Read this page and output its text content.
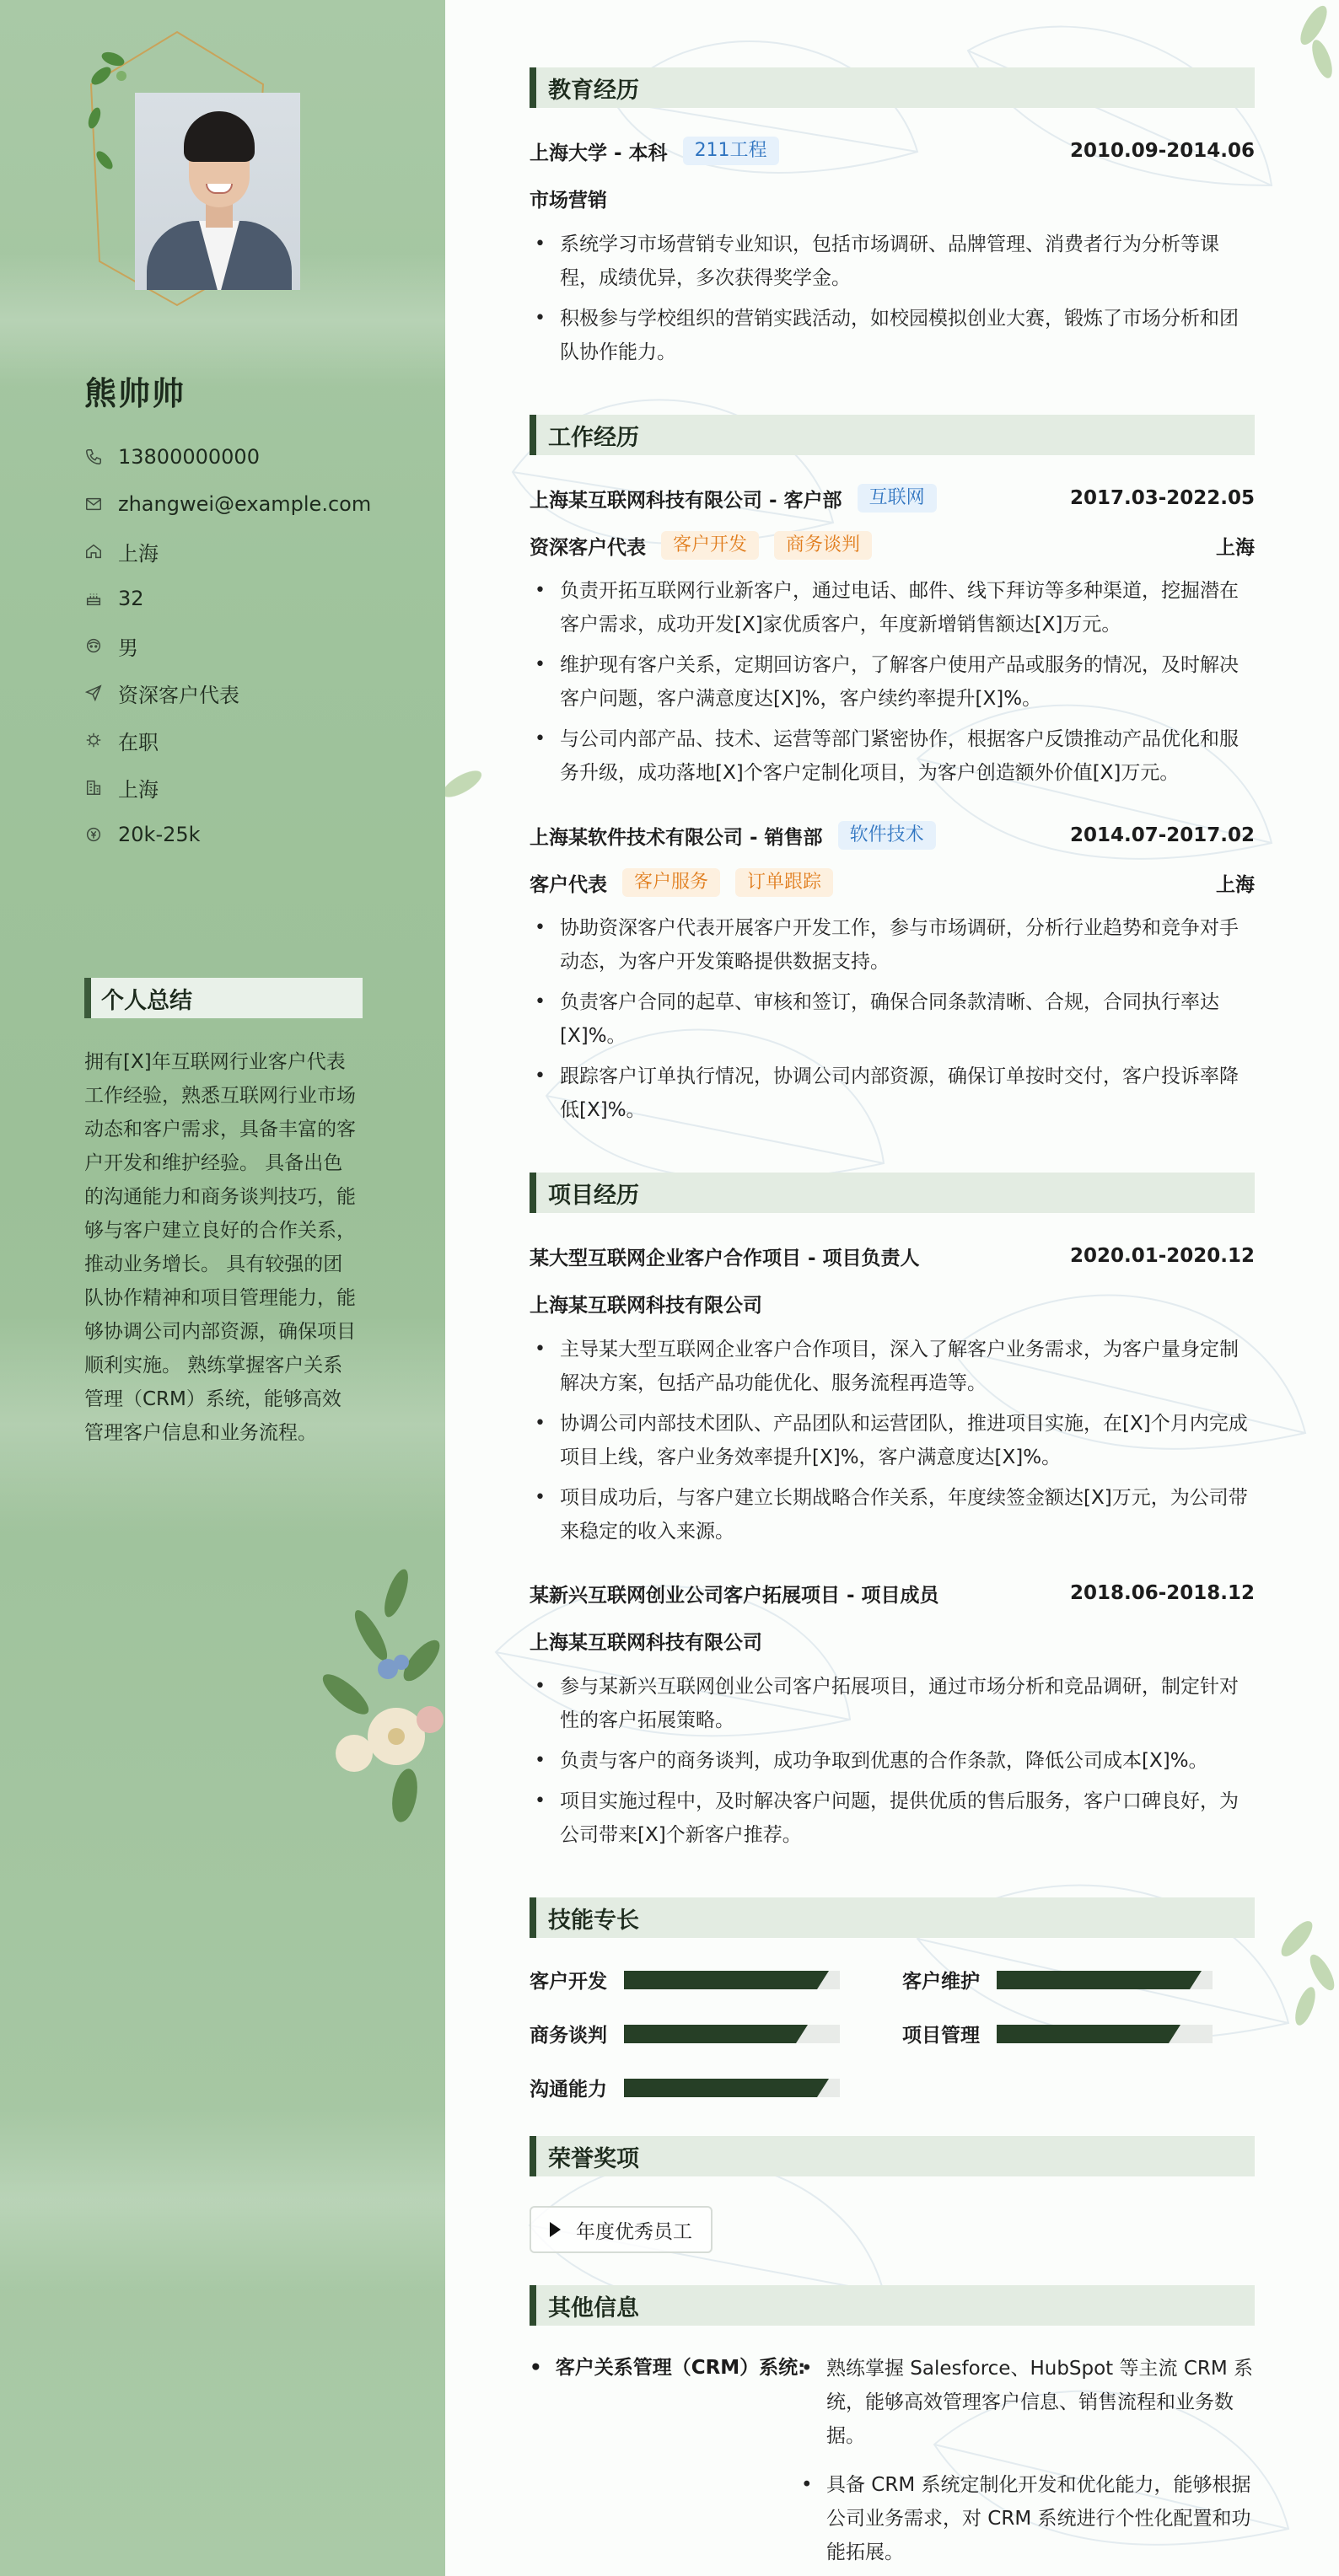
熊帅帅
13800000000
zhangwei@example.com
上海
32
男
资深客户代表
在职
上海
20k-25k
个人总结

拥有[X]年互联网行业客户代表工作经验，熟悉互联网行业市场动态和客户需求，具备丰富的客户开发和维护经验。 具备出色的沟通能力和商务谈判技巧，能够与客户建立良好的合作关系，推动业务增长。 具有较强的团队协作精神和项目管理能力，能够协调公司内部资源，确保项目顺利实施。 熟练掌握客户关系管理（CRM）系统，能够高效管理客户信息和业务流程。

教育经历
上海大学 - 本科	211工程	2010.09-2014.06
市场营销
• 系统学习市场营销专业知识，包括市场调研、品牌管理、消费者行为分析等课程，成绩优异，多次获得奖学金。
• 积极参与学校组织的营销实践活动，如校园模拟创业大赛，锻炼了市场分析和团队协作能力。
工作经历
上海某互联网科技有限公司 - 客户部	互联网	2017.03-2022.05
资深客户代表	客户开发	商务谈判	上海
• 负责开拓互联网行业新客户，通过电话、邮件、线下拜访等多种渠道，挖掘潜在客户需求，成功开发[X]家优质客户，年度新增销售额达[X]万元。
• 维护现有客户关系，定期回访客户，了解客户使用产品或服务的情况，及时解决客户问题，客户满意度达[X]%，客户续约率提升[X]%。
• 与公司内部产品、技术、运营等部门紧密协作，根据客户反馈推动产品优化和服务升级，成功落地[X]个客户定制化项目，为客户创造额外价值[X]万元。
上海某软件技术有限公司 - 销售部	软件技术	2014.07-2017.02
客户代表	客户服务	订单跟踪	上海
• 协助资深客户代表开展客户开发工作，参与市场调研，分析行业趋势和竞争对手动态，为客户开发策略提供数据支持。
• 负责客户合同的起草、审核和签订，确保合同条款清晰、合规，合同执行率达[X]%。
• 跟踪客户订单执行情况，协调公司内部资源，确保订单按时交付，客户投诉率降低[X]%。
项目经历
某大型互联网企业客户合作项目 - 项目负责人	2020.01-2020.12
上海某互联网科技有限公司
• 主导某大型互联网企业客户合作项目，深入了解客户业务需求，为客户量身定制解决方案，包括产品功能优化、服务流程再造等。
• 协调公司内部技术团队、产品团队和运营团队，推进项目实施，在[X]个月内完成项目上线，客户业务效率提升[X]%，客户满意度达[X]%。
• 项目成功后，与客户建立长期战略合作关系，年度续签金额达[X]万元，为公司带来稳定的收入来源。
某新兴互联网创业公司客户拓展项目 - 项目成员	2018.06-2018.12
上海某互联网科技有限公司
• 参与某新兴互联网创业公司客户拓展项目，通过市场分析和竞品调研，制定针对性的客户拓展策略。
• 负责与客户的商务谈判，成功争取到优惠的合作条款，降低公司成本[X]%。
• 项目实施过程中，及时解决客户问题，提供优质的售后服务，客户口碑良好，为公司带来[X]个新客户推荐。
技能专长
客户开发	客户维护
商务谈判	项目管理
沟通能力
荣誉奖项
年度优秀员工
其他信息
• 客户关系管理（CRM）系统:
• 熟练掌握 Salesforce、HubSpot 等主流 CRM 系统，能够高效管理客户信息、销售流程和业务数据。
• 具备 CRM 系统定制化开发和优化能力，能够根据公司业务需求，对 CRM 系统进行个性化配置和功能拓展。
